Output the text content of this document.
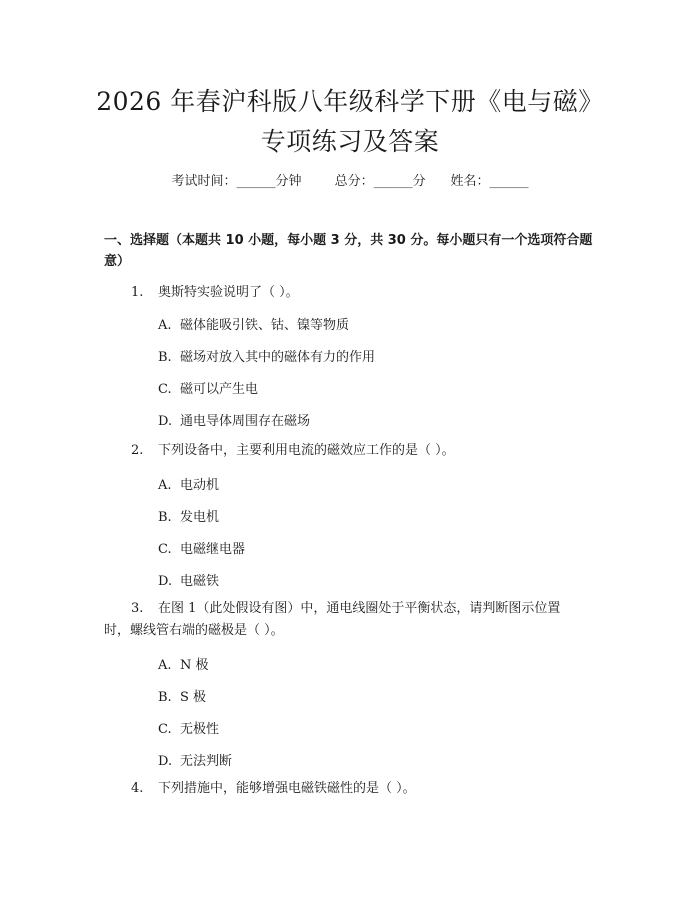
2026 年春沪科版八年级科学下册《电与磁》
专项练习及答案
考试时间：______分钟	总分：______分 姓名：______
一、选择题（本题共 10 小题，每小题 3 分，共 30 分。每小题只有一个选项符合题意）
1. 奥斯特实验说明了（ ）。
A. 磁体能吸引铁、钴、镍等物质
B. 磁场对放入其中的磁体有力的作用
C. 磁可以产生电
D. 通电导体周围存在磁场
2. 下列设备中，主要利用电流的磁效应工作的是（ ）。
A. 电动机
B. 发电机
C. 电磁继电器
D. 电磁铁
3. 在图 1（此处假设有图）中，通电线圈处于平衡状态，请判断图示位置
时，螺线管右端的磁极是（ ）。
A. N 极
B. S 极
C. 无极性
D. 无法判断
4. 下列措施中，能够增强电磁铁磁性的是（ ）。
